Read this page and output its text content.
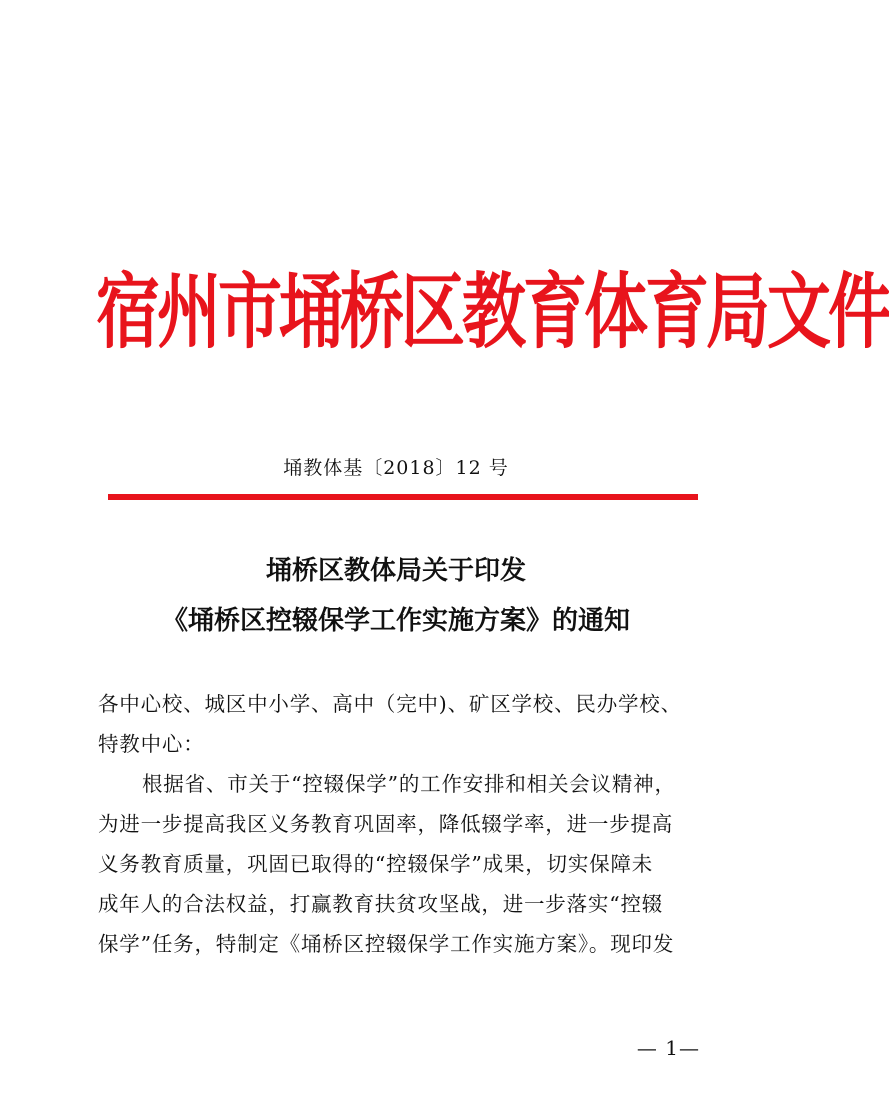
宿州市埇桥区教育体育局文件
埇教体基〔2018〕12 号
埇桥区教体局关于印发
《埇桥区控辍保学工作实施方案》的通知
各中心校、城区中小学、高中（完中)、矿区学校、民办学校、
特教中心：
根据省、市关于“控辍保学”的工作安排和相关会议精神，
为进一步提高我区义务教育巩固率，降低辍学率，进一步提高
义务教育质量，巩固已取得的“控辍保学”成果，切实保障未
成年人的合法权益，打赢教育扶贫攻坚战，进一步落实“控辍
保学”任务，特制定《埇桥区控辍保学工作实施方案》。现印发
— 1—
